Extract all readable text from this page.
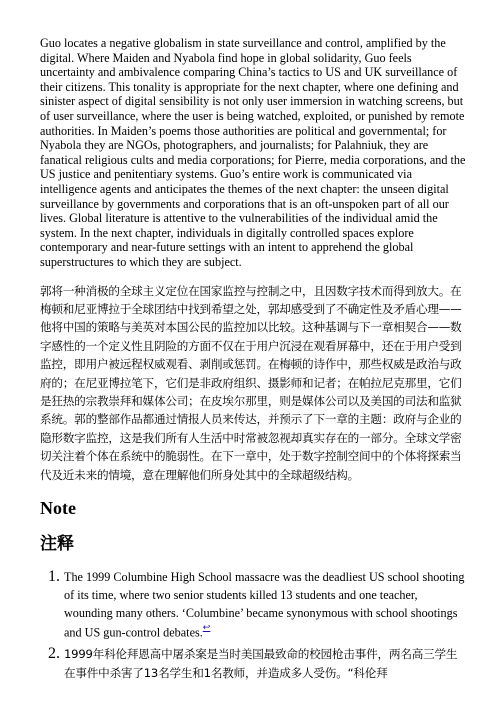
Guo locates a negative globalism in state surveillance and control, amplified by the digital. Where Maiden and Nyabola find hope in global solidarity, Guo feels uncertainty and ambivalence comparing China’s tactics to US and UK surveillance of their citizens. This tonality is appropriate for the next chapter, where one defining and sinister aspect of digital sensibility is not only user immersion in watching screens, but of user surveillance, where the user is being watched, exploited, or punished by remote authorities. In Maiden’s poems those authorities are political and governmental; for Nyabola they are NGOs, photographers, and journalists; for Palahniuk, they are fanatical religious cults and media corporations; for Pierre, media corporations, and the US justice and penitentiary systems. Guo’s entire work is communicated via intelligence agents and anticipates the themes of the next chapter: the unseen digital surveillance by governments and corporations that is an oft-unspoken part of all our lives. Global literature is attentive to the vulnerabilities of the individual amid the system. In the next chapter, individuals in digitally controlled spaces explore contemporary and near-future settings with an intent to apprehend the global superstructures to which they are subject.

郭将一种消极的全球主义定位在国家监控与控制之中，且因数字技术而得到放大。在梅顿和尼亚博拉于全球团结中找到希望之处，郭却感受到了不确定性及矛盾心理——他将中国的策略与美英对本国公民的监控加以比较。这种基调与下一章相契合——数字感性的一个定义性且阴险的方面不仅在于用户沉浸在观看屏幕中，还在于用户受到监控，即用户被远程权威观看、剥削或惩罚。在梅顿的诗作中，那些权威是政治与政府的；在尼亚博拉笔下，它们是非政府组织、摄影师和记者；在帕拉尼克那里，它们是狂热的宗教崇拜和媒体公司；在皮埃尔那里，则是媒体公司以及美国的司法和监狱系统。郭的整部作品都通过情报人员来传达，并预示了下一章的主题：政府与企业的隐形数字监控，这是我们所有人生活中时常被忽视却真实存在的一部分。全球文学密切关注着个体在系统中的脆弱性。在下一章中，处于数字控制空间中的个体将探索当代及近未来的情境，意在理解他们所身处其中的全球超级结构。

Note
注释
1. The 1999 Columbine High School massacre was the deadliest US school shooting of its time, where two senior students killed 13 students and one teacher, wounding many others. ‘Columbine’ became synonymous with school shootings and US gun-control debates.↩
2. 1999年科伦拜恩高中屠杀案是当时美国最致命的校园枪击事件，两名高三学生在事件中杀害了13名学生和1名教师，并造成多人受伤。“科伦拜
